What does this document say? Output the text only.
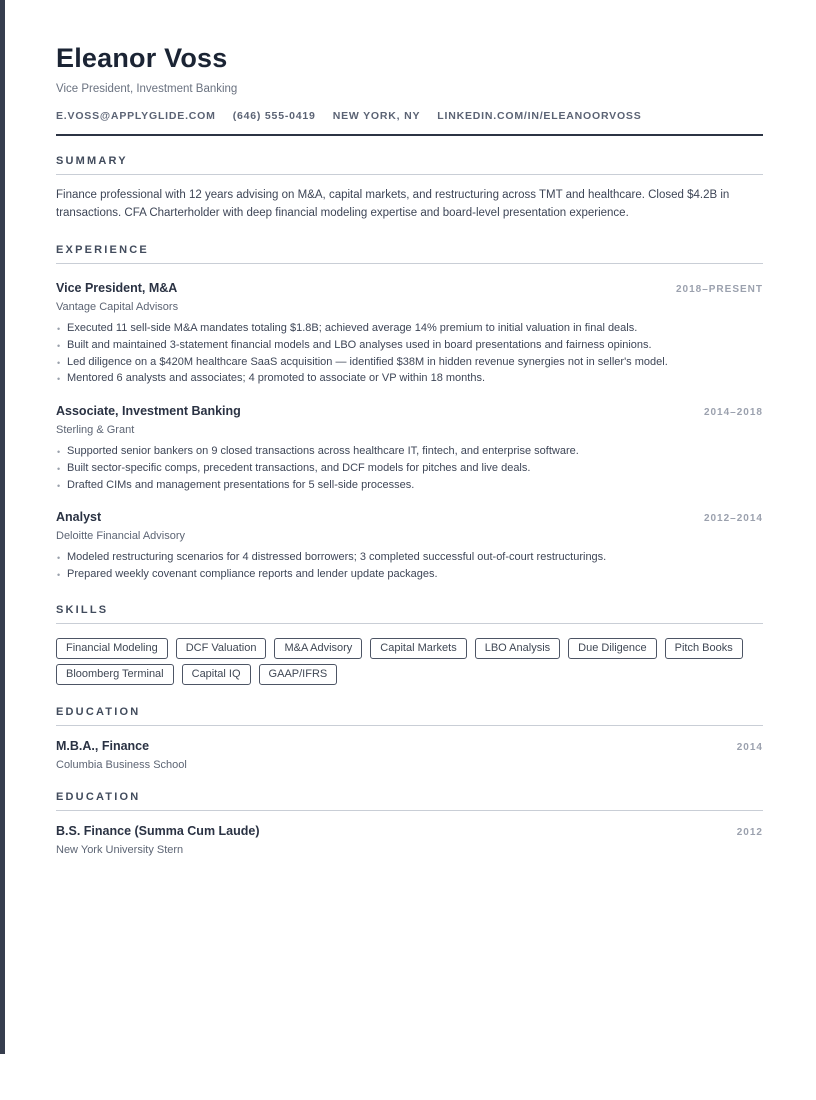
Eleanor Voss
Vice President, Investment Banking
E.VOSS@APPLYGLIDE.COM (646) 555-0419 NEW YORK, NY LINKEDIN.COM/IN/ELEANOORVOSS
SUMMARY
Finance professional with 12 years advising on M&A, capital markets, and restructuring across TMT and healthcare. Closed $4.2B in transactions. CFA Charterholder with deep financial modeling expertise and board-level presentation experience.
EXPERIENCE
Vice President, M&A	2018–PRESENT
Vantage Capital Advisors
• Executed 11 sell-side M&A mandates totaling $1.8B; achieved average 14% premium to initial valuation in final deals.
• Built and maintained 3-statement financial models and LBO analyses used in board presentations and fairness opinions.
• Led diligence on a $420M healthcare SaaS acquisition — identified $38M in hidden revenue synergies not in seller's model.
• Mentored 6 analysts and associates; 4 promoted to associate or VP within 18 months.
Associate, Investment Banking	2014–2018
Sterling & Grant
• Supported senior bankers on 9 closed transactions across healthcare IT, fintech, and enterprise software.
• Built sector-specific comps, precedent transactions, and DCF models for pitches and live deals.
• Drafted CIMs and management presentations for 5 sell-side processes.
Analyst	2012–2014
Deloitte Financial Advisory
• Modeled restructuring scenarios for 4 distressed borrowers; 3 completed successful out-of-court restructurings.
• Prepared weekly covenant compliance reports and lender update packages.
SKILLS
Financial Modeling	DCF Valuation	M&A Advisory	Capital Markets	LBO Analysis	Due Diligence	Pitch Books
Bloomberg Terminal	Capital IQ	GAAP/IFRS
EDUCATION
M.B.A., Finance	2014
Columbia Business School
EDUCATION
B.S. Finance (Summa Cum Laude)	2012
New York University Stern
